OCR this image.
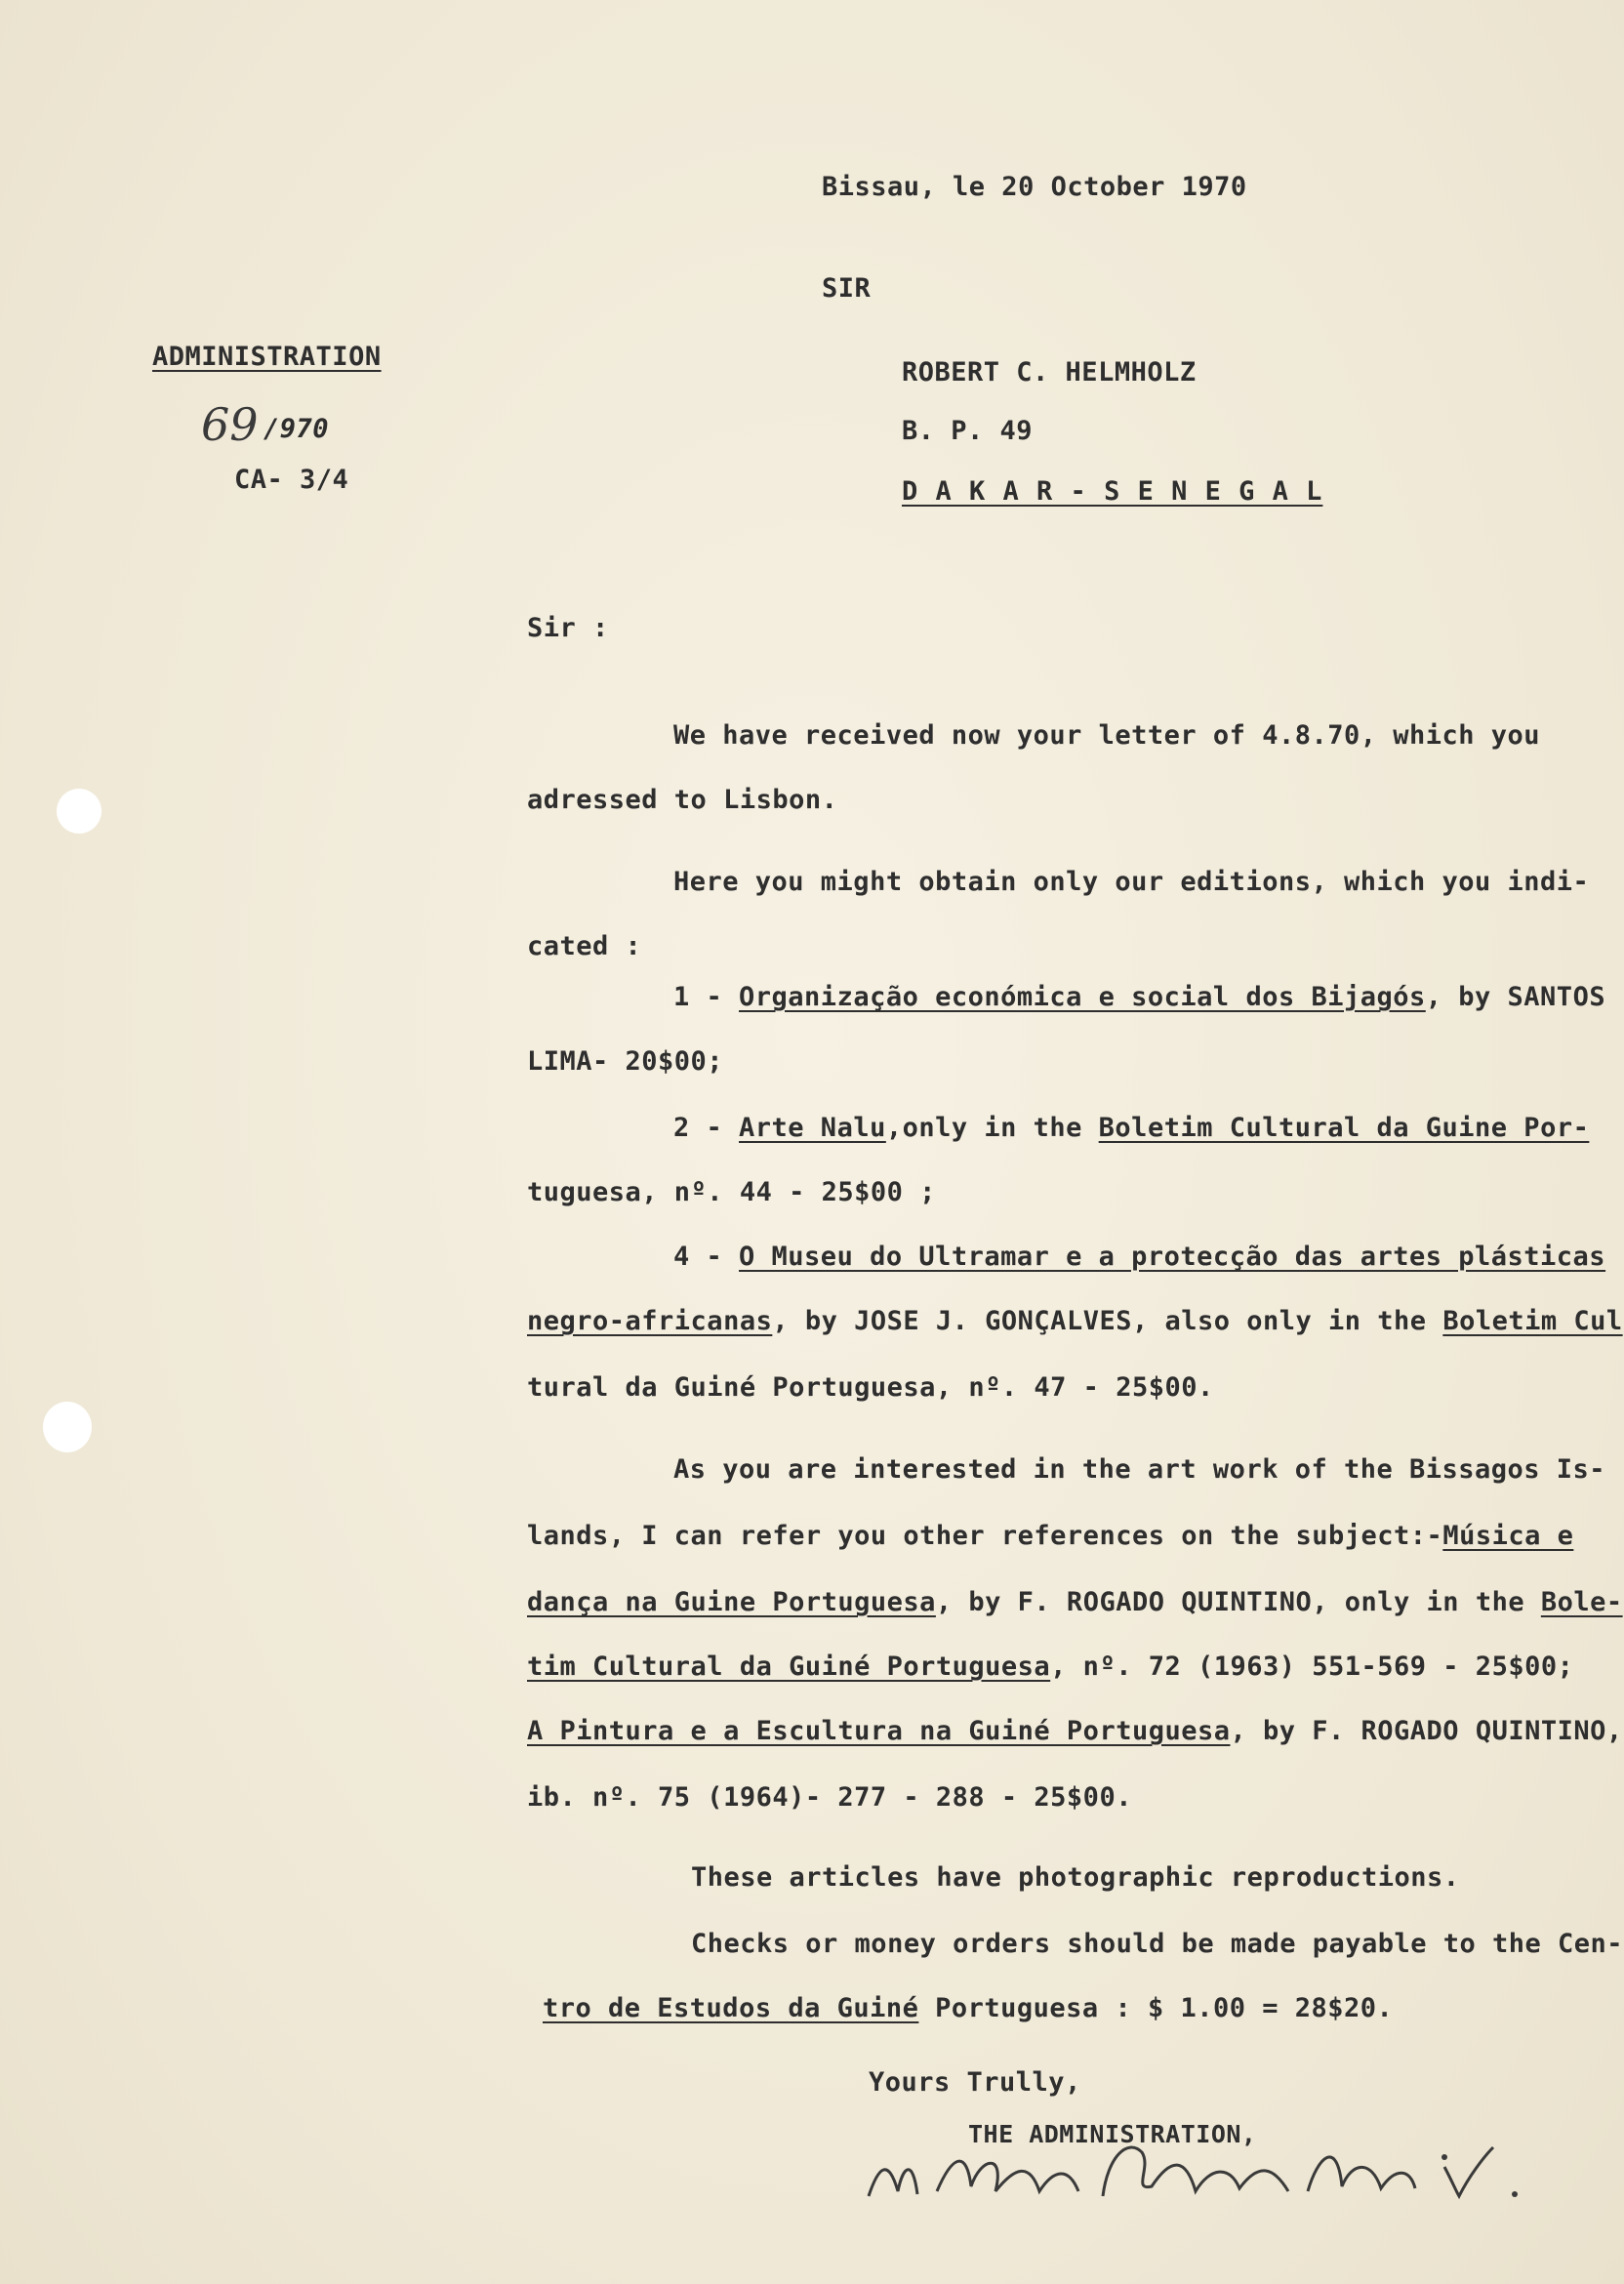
Bissau, le 20 October 1970
SIR
ROBERT C. HELMHOLZ
B. P. 49
D A K A R - S E N E G A L
ADMINISTRATION
69 /970
CA- 3/4
Sir :
We have received now your letter of 4.8.70, which you
adressed to Lisbon.
Here you might obtain only our editions, which you indi-
cated :
1 - Organização económica e social dos Bijagós, by SANTOS
LIMA- 20$00;
2 - Arte Nalu,only in the Boletim Cultural da Guine Por-
tuguesa, nº. 44 - 25$00 ;
4 - O Museu do Ultramar e a protecção das artes plásticas
negro-africanas, by JOSE J. GONÇALVES, also only in the Boletim Cul
tural da Guiné Portuguesa, nº. 47 - 25$00.
As you are interested in the art work of the Bissagos Is-
lands, I can refer you other references on the subject:-Música e
dança na Guine Portuguesa, by F. ROGADO QUINTINO, only in the Bole-
tim Cultural da Guiné Portuguesa, nº. 72 (1963) 551-569 - 25$00;
A Pintura e a Escultura na Guiné Portuguesa, by F. ROGADO QUINTINO,
ib. nº. 75 (1964)- 277 - 288 - 25$00.
These articles have photographic reproductions.
Checks or money orders should be made payable to the Cen-
tro de Estudos da Guiné Portuguesa : $ 1.00 = 28$20.
Yours Trully,
THE ADMINISTRATION,
